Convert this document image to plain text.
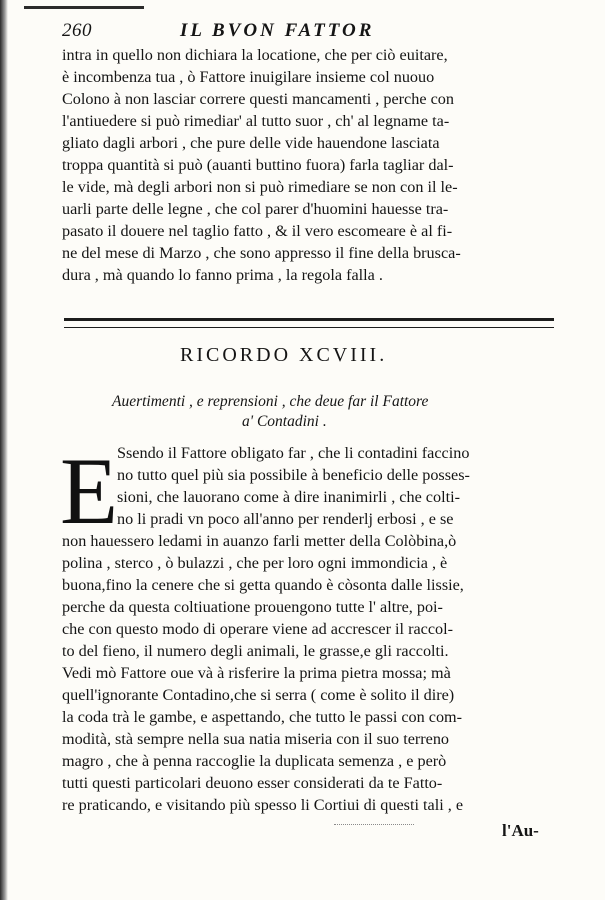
260	IL BVON FATTOR
intra in quello non dichiara la locatione, che per ciò euitare,
è incombenza tua , ò Fattore inuigilare insieme col nuouo
Colono à non lasciar correre questi mancamenti , perche con
l'antiuedere si può rimediar' al tutto suor , ch' al legname ta-
gliato dagli arbori , che pure delle vide hauendone lasciata
troppa quantità si può (auanti buttino fuora) farla tagliar dal-
le vide, mà degli arbori non si può rimediare se non con il le-
uarli parte delle legne , che col parer d'huomini hauesse tra-
pasato il douere nel taglio fatto , & il vero escomeare è al fi-
ne del mese di Marzo , che sono appresso il fine della brusca-
dura , mà quando lo fanno prima , la regola falla .
RICORDO XCVIII.
Auertimenti , e reprensioni , che deue far il Fattore
a' Contadini .
E
Ssendo il Fattore obligato far , che li contadini faccino
no tutto quel più sia possibile à beneficio delle posses-
sioni, che lauorano come à dire inanimirli , che colti-
no li pradi vn poco all'anno per renderlj erbosi , e se
non hauessero ledami in auanzo farli metter della Colòbina,ò
polina , sterco , ò bulazzi , che per loro ogni immondicia , è
buona,fino la cenere che si getta quando è còsonta dalle lissie,
perche da questa coltiuatione prouengono tutte l' altre, poi-
che con questo modo di operare viene ad accrescer il raccol-
to del fieno, il numero degli animali, le grasse,e gli raccolti.
Vedi mò Fattore oue và à risferire la prima pietra mossa; mà
quell'ignorante Contadino,che si serra ( come è solito il dire)
la coda trà le gambe, e aspettando, che tutto le passi con com-
modità, stà sempre nella sua natia miseria con il suo terreno
magro , che à penna raccoglie la duplicata semenza , e però
tutti questi particolari deuono esser considerati da te Fatto-
re praticando, e visitando più spesso li Cortiui di questi tali , e
l'Au-
